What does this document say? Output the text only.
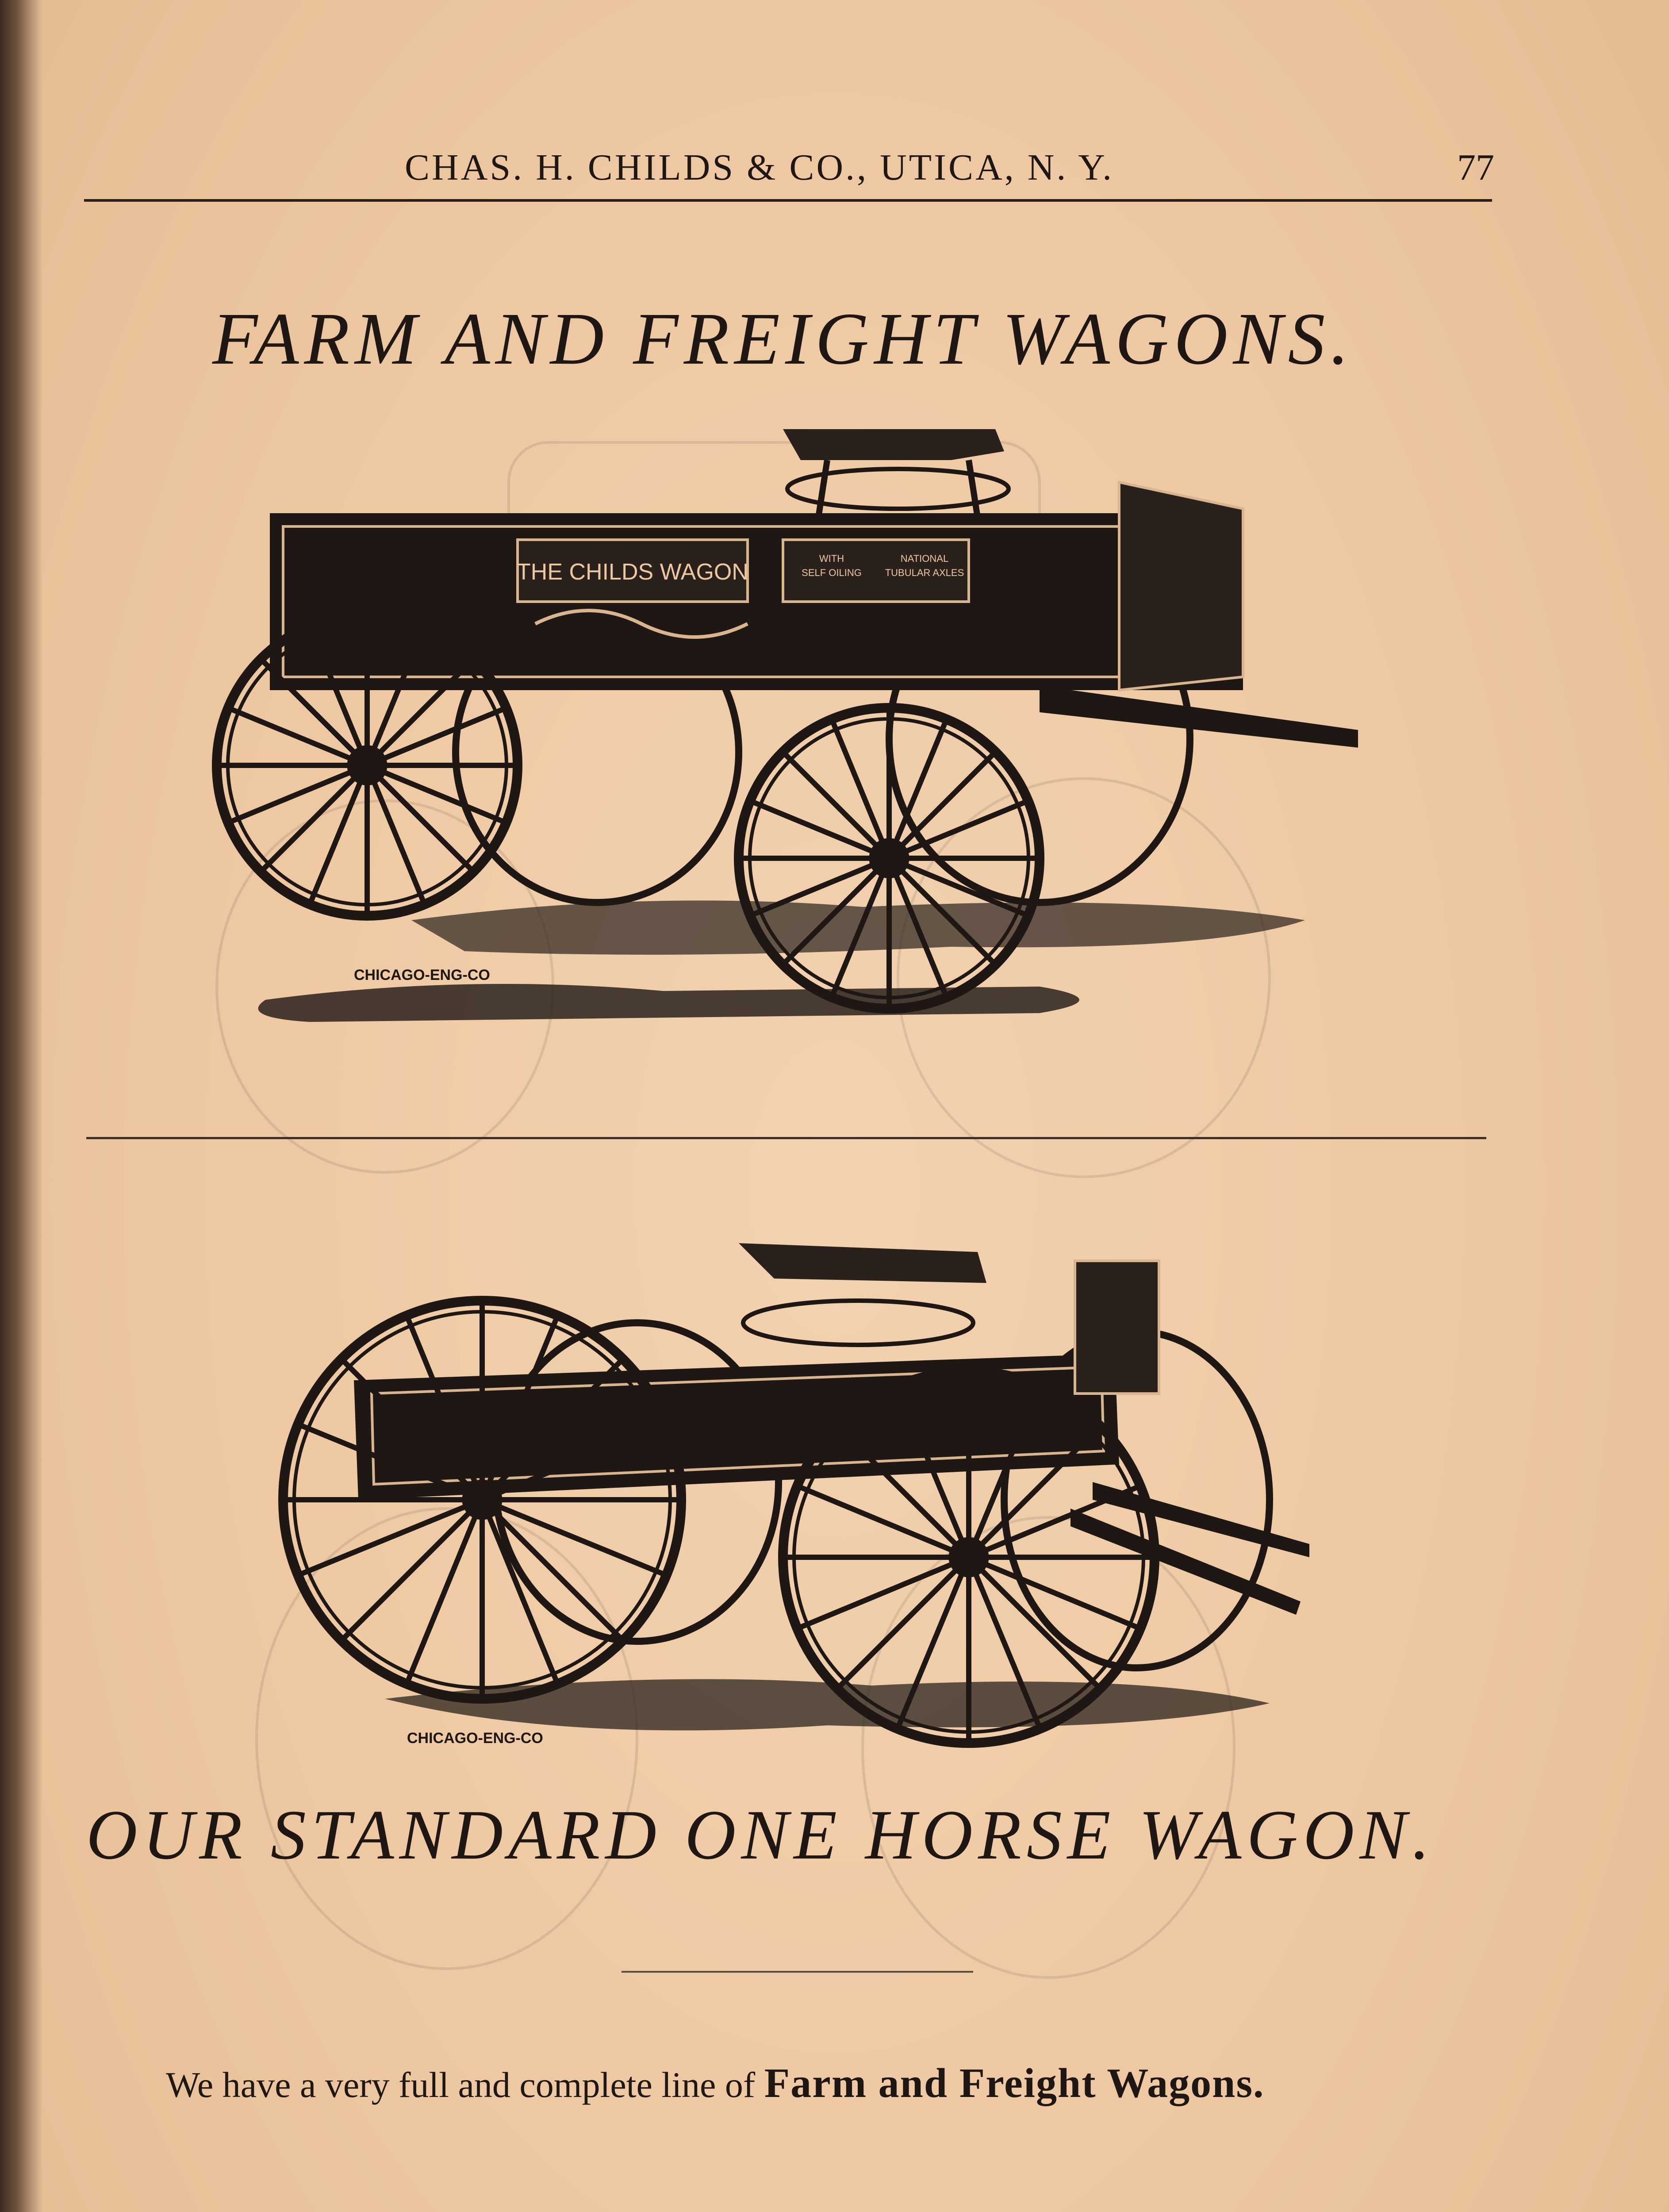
CHAS. H. CHILDS & CO., UTICA, N. Y.	77
FARM AND FREIGHT WAGONS.
THE CHILDS WAGON
WITH
SELF OILING
NATIONAL
TUBULAR AXLES
CHICAGO-ENG-CO
CHICAGO-ENG-CO
OUR STANDARD ONE HORSE WAGON.
We have a very full and complete line of Farm and Freight Wagons.
